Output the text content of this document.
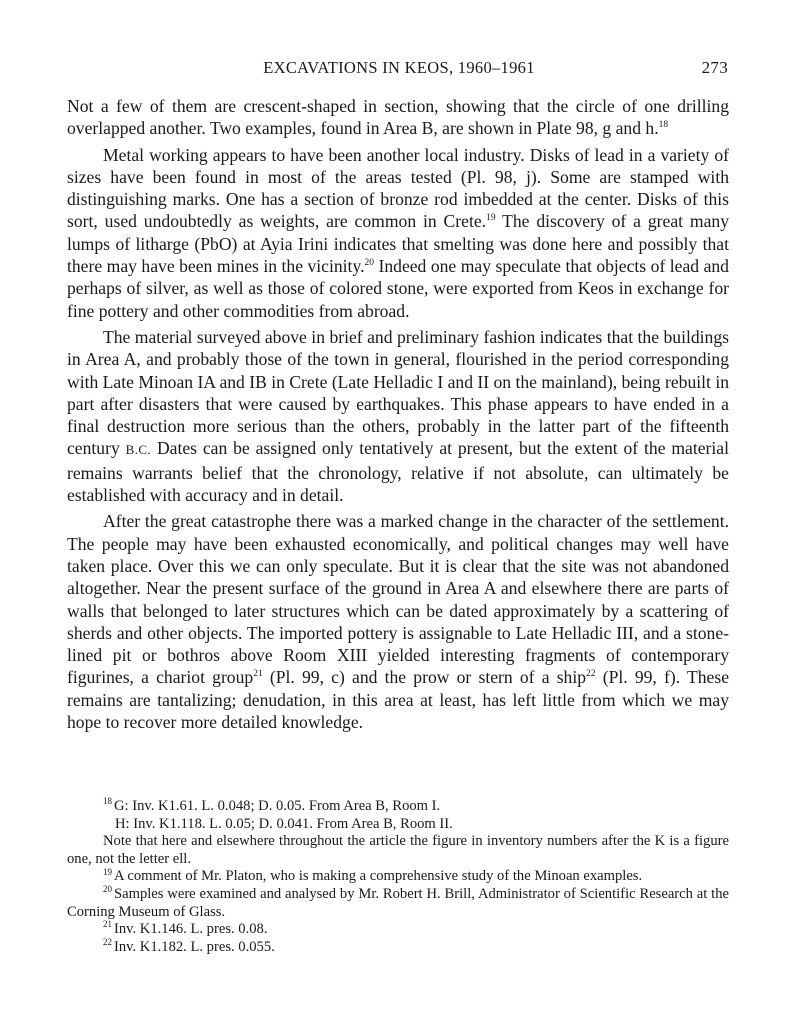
EXCAVATIONS IN KEOS, 1960–1961	273

Not a few of them are crescent-shaped in section, showing that the circle of one drilling overlapped another. Two examples, found in Area B, are shown in Plate 98, g and h.$^{18}$

Metal working appears to have been another local industry. Disks of lead in a variety of sizes have been found in most of the areas tested (Pl. 98, j). Some are stamped with distinguishing marks. One has a section of bronze rod imbedded at the center. Disks of this sort, used undoubtedly as weights, are common in Crete.$^{19}$ The discovery of a great many lumps of litharge (PbO) at Ayia Irini indicates that smelting was done here and possibly that there may have been mines in the vicinity.$^{20}$ Indeed one may speculate that objects of lead and perhaps of silver, as well as those of colored stone, were exported from Keos in exchange for fine pottery and other commodities from abroad.

The material surveyed above in brief and preliminary fashion indicates that the buildings in Area A, and probably those of the town in general, flourished in the period corresponding with Late Minoan IA and IB in Crete (Late Helladic I and II on the mainland), being rebuilt in part after disasters that were caused by earthquakes. This phase appears to have ended in a final destruction more serious than the others, probably in the latter part of the fifteenth century B.C. Dates can be assigned only tentatively at present, but the extent of the material remains warrants belief that the chronology, relative if not absolute, can ultimately be established with accuracy and in detail.

After the great catastrophe there was a marked change in the character of the settlement. The people may have been exhausted economically, and political changes may well have taken place. Over this we can only speculate. But it is clear that the site was not abandoned altogether. Near the present surface of the ground in Area A and elsewhere there are parts of walls that belonged to later structures which can be dated approximately by a scattering of sherds and other objects. The imported pottery is assignable to Late Helladic III, and a stone-lined pit or bothros above Room XIII yielded interesting fragments of contemporary figurines, a chariot group$^{21}$ (Pl. 99, c) and the prow or stern of a ship$^{22}$ (Pl. 99, f). These remains are tantalizing; denudation, in this area at least, has left little from which we may hope to recover more detailed knowledge.

$^{18}$ G: Inv. K1.61. L. 0.048; D. 0.05. From Area B, Room I.

H: Inv. K1.118. L. 0.05; D. 0.041. From Area B, Room II.

Note that here and elsewhere throughout the article the figure in inventory numbers after the K is a figure one, not the letter ell.

$^{19}$ A comment of Mr. Platon, who is making a comprehensive study of the Minoan examples.

$^{20}$ Samples were examined and analysed by Mr. Robert H. Brill, Administrator of Scientific Research at the Corning Museum of Glass.

$^{21}$ Inv. K1.146. L. pres. 0.08.

$^{22}$ Inv. K1.182. L. pres. 0.055.
